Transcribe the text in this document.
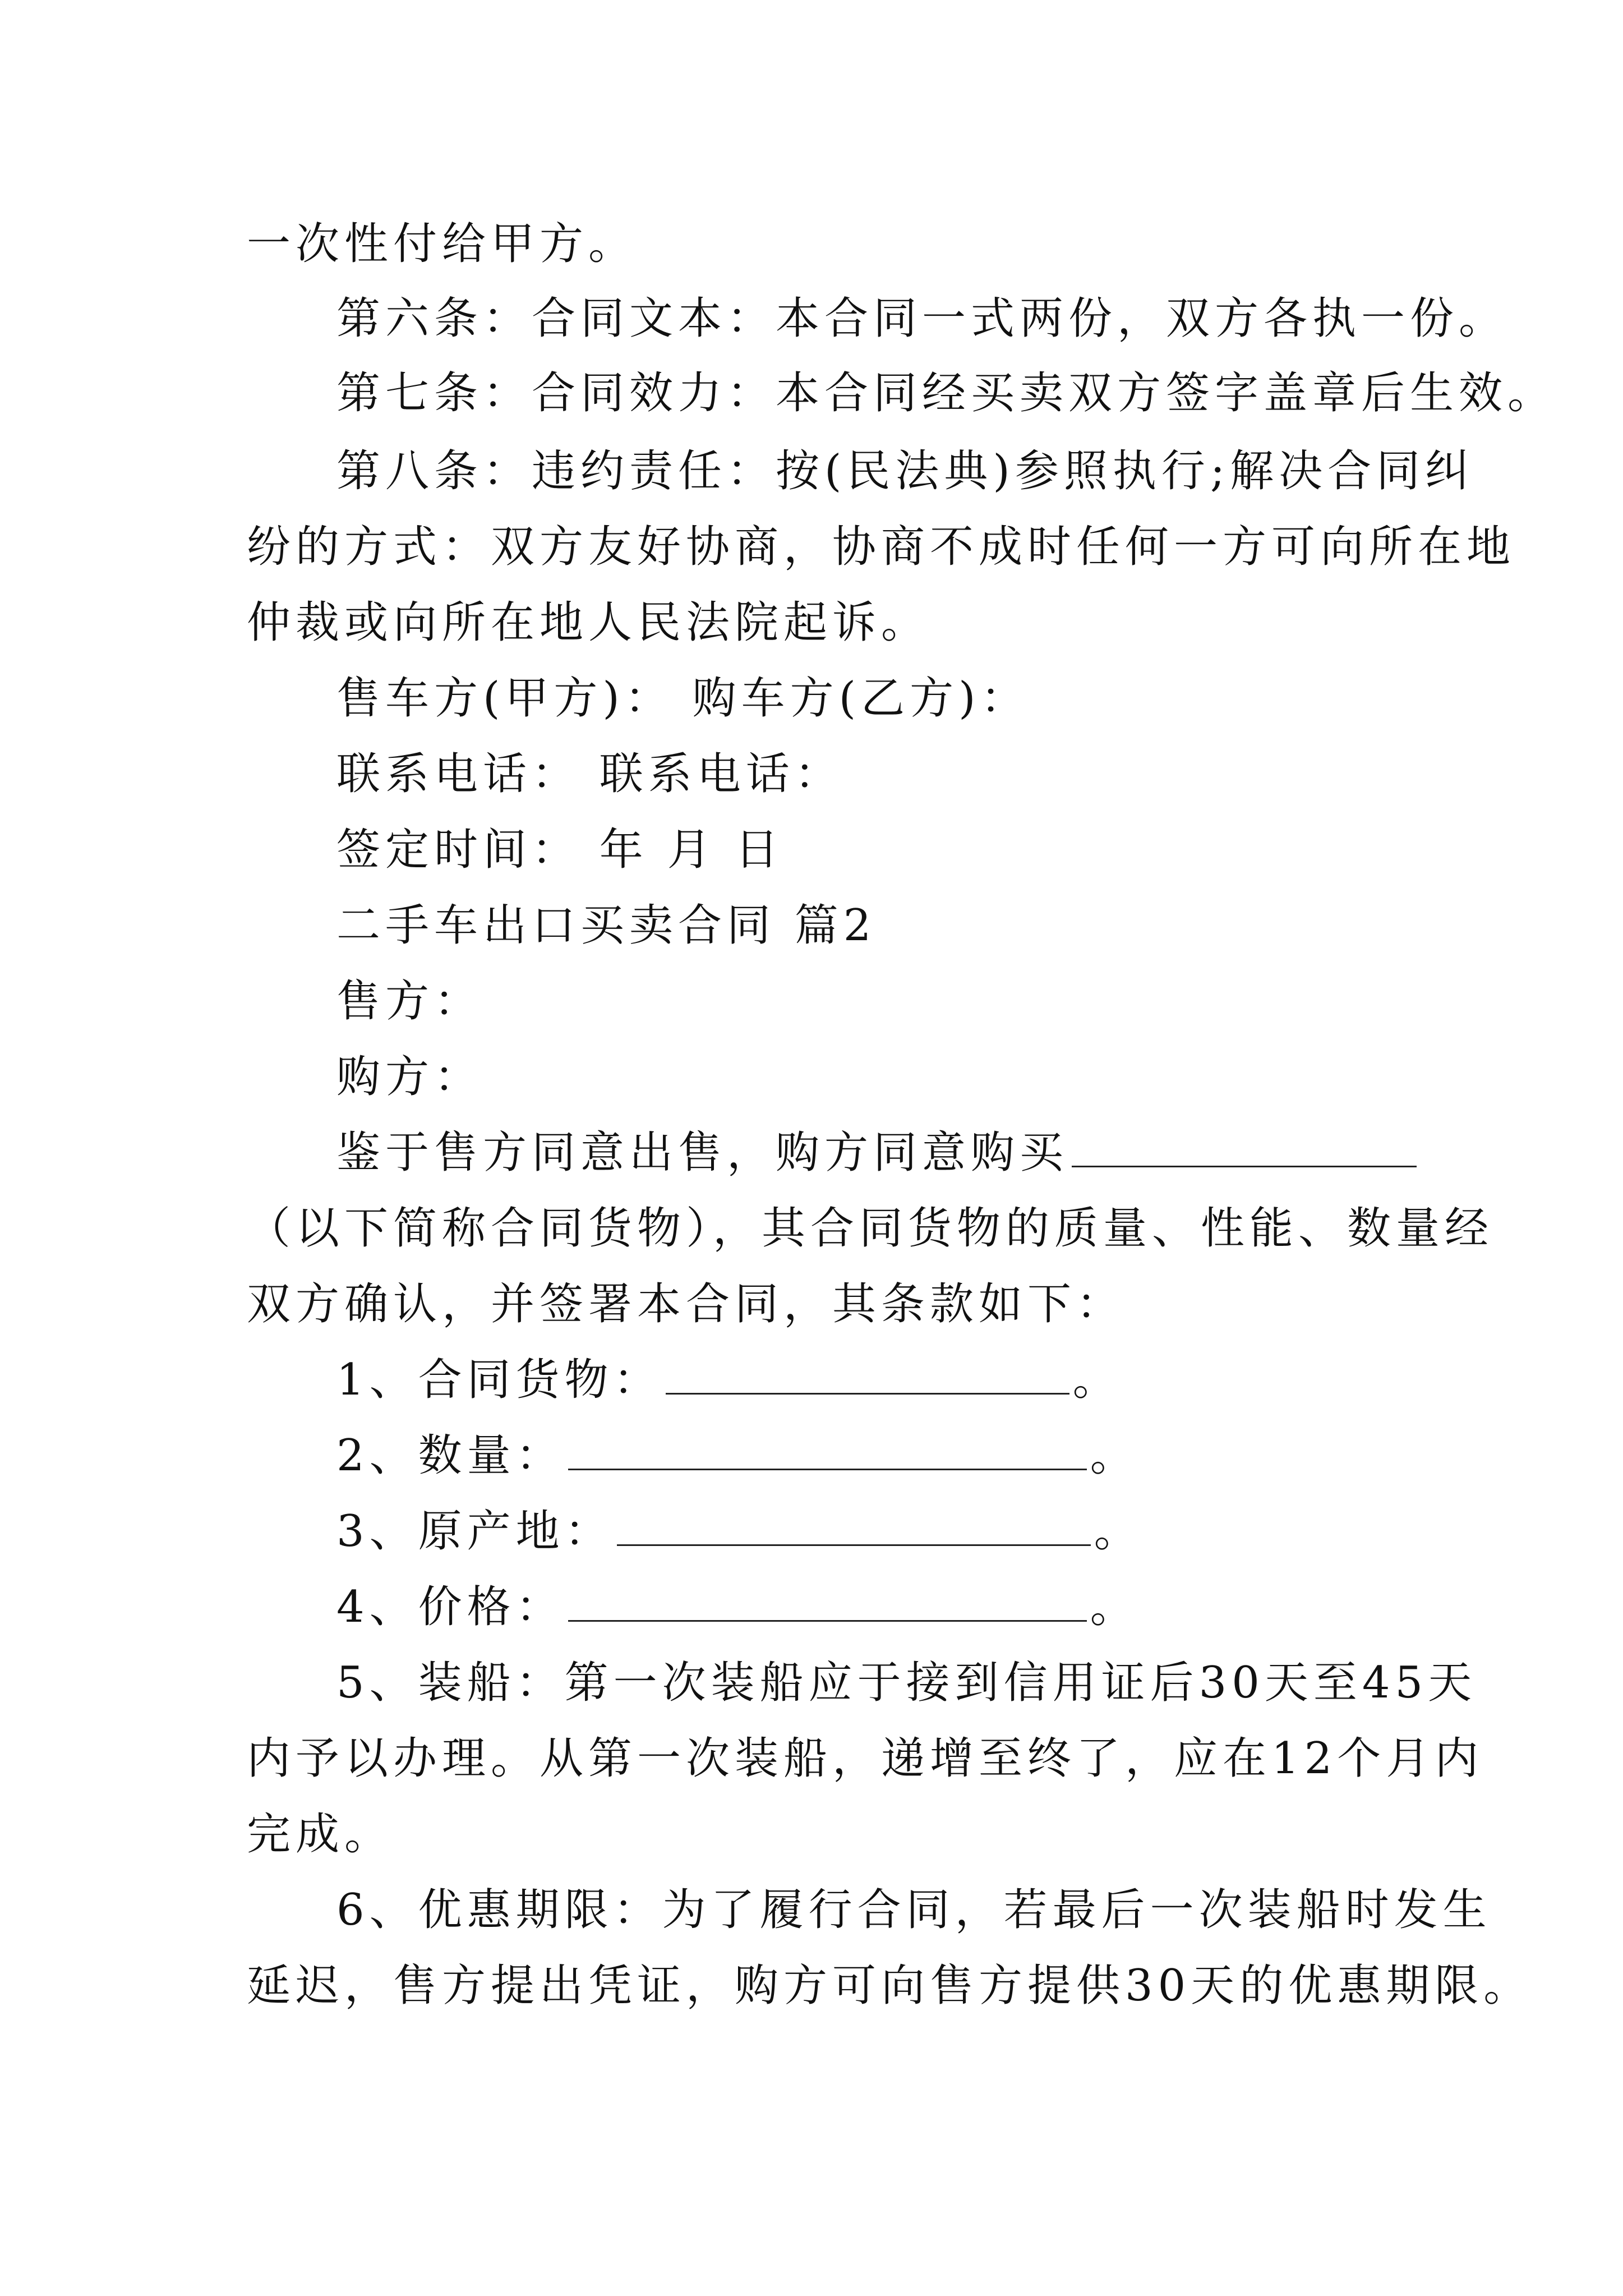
一次性付给甲方。
第六条：合同文本：本合同一式两份，双方各执一份。
第七条：合同效力：本合同经买卖双方签字盖章后生效。
第八条：违约责任：按(民法典)参照执行;解决合同纠
纷的方式：双方友好协商，协商不成时任何一方可向所在地
仲裁或向所在地人民法院起诉。
售车方(甲方)： 购车方(乙方)：
联系电话： 联系电话：
签定时间： 年 月 日
二手车出口买卖合同 篇2
售方：
购方：
鉴于售方同意出售，购方同意购买
（以下简称合同货物），其合同货物的质量、性能、数量经
双方确认，并签署本合同，其条款如下：
1、合同货物：	。
2、数量：	。
3、原产地：	。
4、价格：	。
5、装船：第一次装船应于接到信用证后30天至45天
内予以办理。从第一次装船，递增至终了，应在12个月内
完成。
6、优惠期限：为了履行合同，若最后一次装船时发生
延迟，售方提出凭证，购方可向售方提供30天的优惠期限。
